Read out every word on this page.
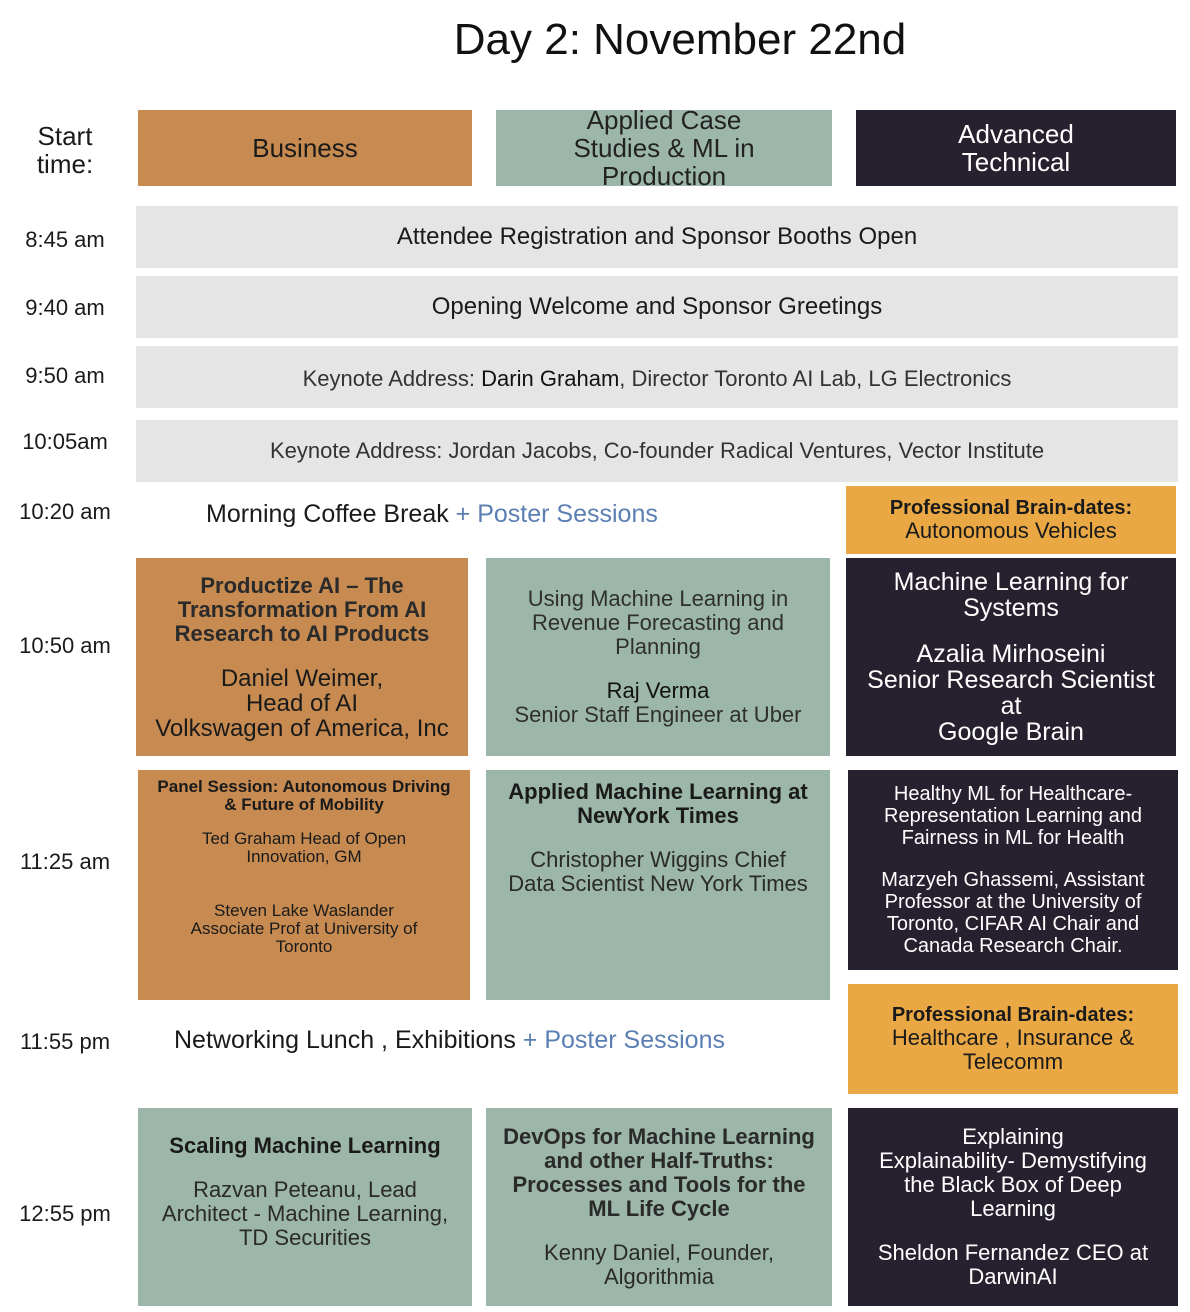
Day 2: November 22nd
Start time:
Business
Applied Case Studies & ML in Production
Advanced Technical
8:45 am
9:40 am
9:50 am
10:05am
10:20 am
10:50 am
11:25 am
11:55 pm
12:55 pm
Attendee Registration and Sponsor Booths Open
Opening Welcome and Sponsor Greetings
Keynote Address: Darin Graham, Director Toronto AI Lab, LG Electronics
Keynote Address: Jordan Jacobs, Co-founder Radical Ventures, Vector Institute
Morning Coffee Break + Poster Sessions	Professional Brain-dates:
Autonomous Vehicles
Productize AI – The
Transformation From AI
Research to AI Products
Daniel Weimer,
Head of AI
Volkswagen of America, Inc
Using Machine Learning in
Revenue Forecasting and
Planning
Raj Verma
Senior Staff Engineer at Uber
Machine Learning for
Systems
Azalia Mirhoseini
Senior Research Scientist at
Google Brain
Panel Session: Autonomous Driving
& Future of Mobility
Ted Graham Head of Open
Innovation, GM
Steven Lake Waslander
Associate Prof at University of
Toronto
Applied Machine Learning at
NewYork Times
Christopher Wiggins Chief
Data Scientist New York Times
Healthy ML for Healthcare-
Representation Learning and
Fairness in ML for Health
Marzyeh Ghassemi, Assistant
Professor at the University of
Toronto, CIFAR AI Chair and
Canada Research Chair.
Networking Lunch , Exhibitions + Poster Sessions
Professional Brain-dates:
Healthcare , Insurance &
Telecomm
Scaling Machine Learning
Razvan Peteanu, Lead
Architect - Machine Learning,
TD Securities
DevOps for Machine Learning
and other Half-Truths:
Processes and Tools for the
ML Life Cycle
Kenny Daniel, Founder,
Algorithmia
Explaining
Explainability- Demystifying
the Black Box of Deep
Learning
Sheldon Fernandez CEO at
DarwinAI
